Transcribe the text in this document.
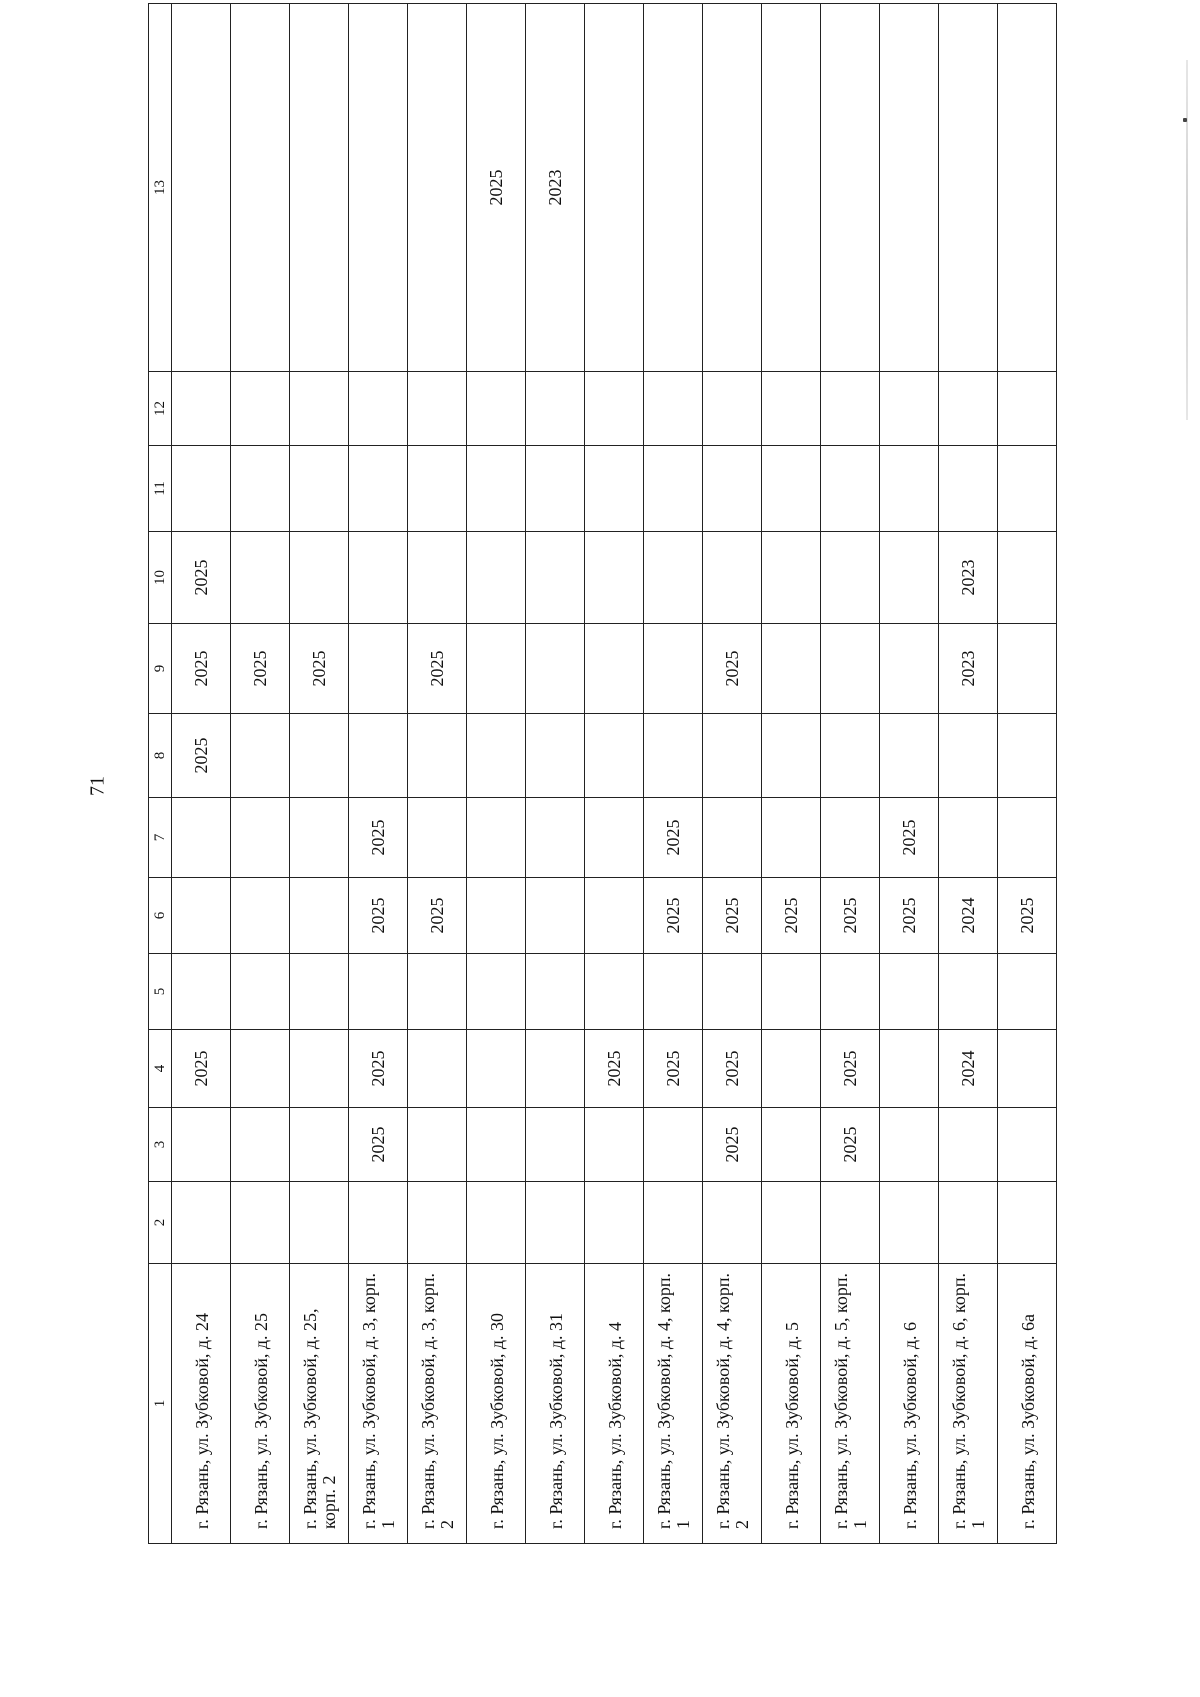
71
1	2	3	4	5	6	7	8	9	10	11	12	13
г. Рязань, ул. Зубковой, д. 24			2025				2025	2025	2025			
г. Рязань, ул. Зубковой, д. 25								2025				
г. Рязань, ул. Зубковой, д. 25, корп. 2								2025				
г. Рязань, ул. Зубковой, д. 3, корп. 1		2025	2025		2025	2025						
г. Рязань, ул. Зубковой, д. 3, корп. 2					2025			2025				
г. Рязань, ул. Зубковой, д. 30												2025
г. Рязань, ул. Зубковой, д. 31												2023
г. Рязань, ул. Зубковой, д. 4			2025									
г. Рязань, ул. Зубковой, д. 4, корп. 1			2025		2025	2025						
г. Рязань, ул. Зубковой, д. 4, корп. 2		2025	2025		2025			2025				
г. Рязань, ул. Зубковой, д. 5					2025							
г. Рязань, ул. Зубковой, д. 5, корп. 1		2025	2025		2025							
г. Рязань, ул. Зубковой, д. 6					2025	2025						
г. Рязань, ул. Зубковой, д. 6, корп. 1			2024		2024			2023	2023			
г. Рязань, ул. Зубковой, д. 6а					2025							
